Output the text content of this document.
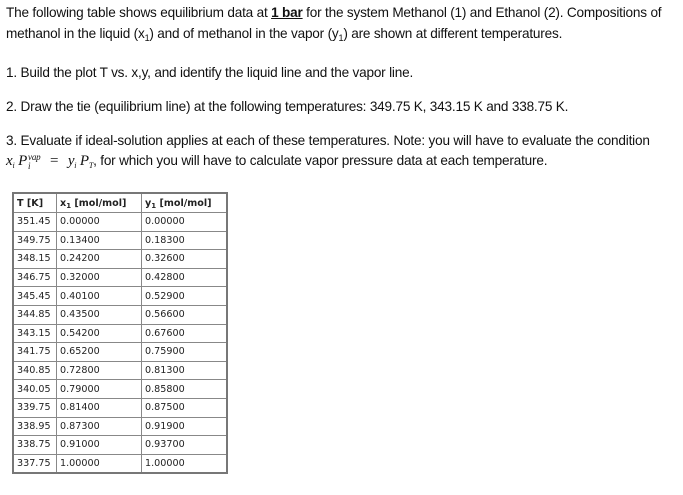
The following table shows equilibrium data at 1 bar for the system Methanol (1) and Ethanol (2). Compositions of
methanol in the liquid $(x_1)$ and of methanol in the vapor $(y_1)$ are shown at different temperatures.
1. Build the plot T vs. x,y, and identify the liquid line and the vapor line.
2. Draw the tie (equilibrium line) at the following temperatures: 349.75 K, 343.15 K and 338.75 K.
3. Evaluate if ideal-solution applies at each of these temperatures. Note: you will have to evaluate the condition
$x_i$ P vap
i	= $y_i$ $P_T$, for which you will have to calculate vapor pressure data at each temperature.
T [K]	$x_1$ [mol/mol]	$y_1$ [mol/mol]
351.45	0.00000	0.00000
349.75	0.13400	0.18300
348.15	0.24200	0.32600
346.75	0.32000	0.42800
345.45	0.40100	0.52900
344.85	0.43500	0.56600
343.15	0.54200	0.67600
341.75	0.65200	0.75900
340.85	0.72800	0.81300
340.05	0.79000	0.85800
339.75	0.81400	0.87500
338.95	0.87300	0.91900
338.75	0.91000	0.93700
337.75	1.00000	1.00000
